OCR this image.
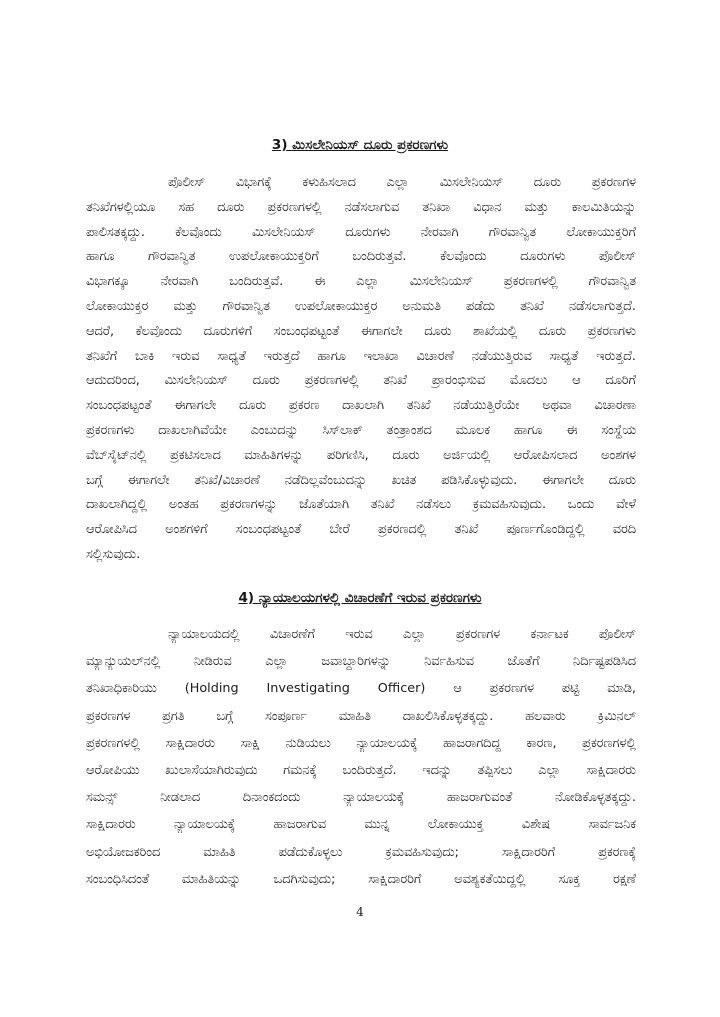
3) ಮಿಸಲೇನಿಯಸ್ ದೂರು ಪ್ರಕರಣಗಳು
ಪೊಲೀಸ್ ವಿಭಾಗಕ್ಕೆ ಕಳುಹಿಸಲಾದ ಎಲ್ಲಾ ಮಿಸಲೇನಿಯಸ್ ದೂರು ಪ್ರಕರಣಗಳ
ತನಿಖೆಗಳಲ್ಲಿಯೂ ಸಹ ದೂರು ಪ್ರಕರಣಗಳಲ್ಲಿ ನಡೆಸಲಾಗುವ ತನಿಖಾ ವಿಧಾನ ಮತ್ತು ಕಾಲಮಿತಿಯನ್ನು
ಪಾಲಿಸತಕ್ಕದ್ದು. ಕೆಲವೊಂದು ಮಿಸಲೇನಿಯಸ್ ದೂರುಗಳು ನೇರವಾಗಿ ಗೌರವಾನ್ವಿತ ಲೋಕಾಯುಕ್ತರಿಗೆ
ಹಾಗೂ ಗೌರವಾನ್ವಿತ ಉಪಲೋಕಾಯುಕ್ತರಿಗೆ ಬಂದಿರುತ್ತವೆ. ಕೆಲವೊಂದು ದೂರುಗಳು ಪೊಲೀಸ್
ವಿಭಾಗಕ್ಕೂ ನೇರವಾಗಿ ಬಂದಿರುತ್ತವೆ. ಈ ಎಲ್ಲಾ ಮಿಸಲೇನಿಯಸ್ ಪ್ರಕರಣಗಳಲ್ಲಿ ಗೌರವಾನ್ವಿತ
ಲೋಕಾಯುಕ್ತರ ಮತ್ತು ಗೌರವಾನ್ವಿತ ಉಪಲೋಕಾಯುಕ್ತರ ಅನುಮತಿ ಪಡೆದು ತನಿಖೆ ನಡೆಸಲಾಗುತ್ತದೆ.
ಆದರೆ, ಕೆಲವೊಂದು ದೂರುಗಳಿಗೆ ಸಂಬಂಧಪಟ್ಟಂತೆ ಈಗಾಗಲೇ ದೂರು ಶಾಖೆಯಲ್ಲಿ ದೂರು ಪ್ರಕರಣಗಳು
ತನಿಖೆಗೆ ಬಾಕಿ ಇರುವ ಸಾಧ್ಯತೆ ಇರುತ್ತದೆ ಹಾಗೂ ಇಲಾಖಾ ವಿಚಾರಣೆ ನಡೆಯುತ್ತಿರುವ ಸಾಧ್ಯತೆ ಇರುತ್ತದೆ.
ಆದುದರಿಂದ, ಮಿಸಲೇನಿಯಸ್ ದೂರು ಪ್ರಕರಣಗಳಲ್ಲಿ ತನಿಖೆ ಪ್ರಾರಂಭಿಸುವ ಮೊದಲು ಆ ದೂರಿಗೆ
ಸಂಬಂಧಪಟ್ಟಂತೆ ಈಗಾಗಲೇ ದೂರು ಪ್ರಕರಣ ದಾಖಲಾಗಿ ತನಿಖೆ ನಡೆಯುತ್ತಿರೆಯೇ ಅಥವಾ ವಿಚಾರಣಾ
ಪ್ರಕರಣಗಳು ದಾಖಲಾಗಿವೆಯೇ ಎಂಬುದನ್ನು ಸಿಸ್‌ಲಾಕ್ ತಂತ್ರಾಂಶದ ಮೂಲಕ ಹಾಗೂ ಈ ಸಂಸ್ಥೆಯ
ವೆಬ್‌ಸೈಟ್‌ನಲ್ಲಿ ಪ್ರಕಟಿಸಲಾದ ಮಾಹಿತಿಗಳನ್ನು ಪರಿಗಣಿಸಿ, ದೂರು ಅರ್ಜಿಯಲ್ಲಿ ಆರೋಪಿಸಲಾದ ಅಂಶಗಳ
ಬಗ್ಗೆ ಈಗಾಗಲೇ ತನಿಖೆ/ವಿಚಾರಣೆ ನಡೆದಿಲ್ಲವೆಂಬುದನ್ನು ಖಚಿತ ಪಡಿಸಿಕೊಳ್ಳುವುದು. ಈಗಾಗಲೇ ದೂರು
ದಾಖಲಾಗಿದ್ದಲ್ಲಿ ಅಂತಹ ಪ್ರಕರಣಗಳನ್ನು ಜೊತೆಯಾಗಿ ತನಿಖೆ ನಡೆಸಲು ಕ್ರಮವಹಿಸುವುದು. ಒಂದು ವೇಳೆ
ಆರೋಪಿಸಿದ ಅಂಶಗಳಿಗೆ ಸಂಬಂಧಪಟ್ಟಂತೆ ಬೇರೆ ಪ್ರಕರಣದಲ್ಲಿ ತನಿಖೆ ಪೂರ್ಣಗೊಂಡಿದ್ದಲ್ಲಿ ವರದಿ
ಸಲ್ಲಿಸುವುದು.
4) ನ್ಯಾಯಾಲಯಗಳಲ್ಲಿ ವಿಚಾರಣೆಗೆ ಇರುವ ಪ್ರಕರಣಗಳು
ನ್ಯಾಯಾಲಯದಲ್ಲಿ ವಿಚಾರಣೆಗೆ ಇರುವ ಎಲ್ಲಾ ಪ್ರಕರಣಗಳ ಕರ್ನಾಟಕ ಪೊಲೀಸ್
ಮ್ಯಾನ್ಯುಯಲ್‌ನಲ್ಲಿ ನೀಡಿರುವ ಎಲ್ಲಾ ಜವಾಬ್ದಾರಿಗಳನ್ನು ನಿರ್ವಹಿಸುವ ಜೊತೆಗೆ ನಿರ್ದಿಷ್ಟಪಡಿಸಿದ
ತನಿಖಾಧಿಕಾರಿಯು (Holding Investigating Officer) ಆ ಪ್ರಕರಣಗಳ ಪಟ್ಟಿ ಮಾಡಿ,
ಪ್ರಕರಣಗಳ ಪ್ರಗತಿ ಬಗ್ಗೆ ಸಂಪೂರ್ಣ ಮಾಹಿತಿ ದಾಖಲಿಸಿಕೊಳ್ಳತಕ್ಕದ್ದು. ಹಲವಾರು ಕ್ರಿಮಿನಲ್
ಪ್ರಕರಣಗಳಲ್ಲಿ ಸಾಕ್ಷಿದಾರರು ಸಾಕ್ಷಿ ನುಡಿಯಲು ನ್ಯಾಯಾಲಯಕ್ಕೆ ಹಾಜರಾಗದಿದ್ದ ಕಾರಣ, ಪ್ರಕರಣಗಳಲ್ಲಿ
ಆರೋಪಿಯು ಖುಲಾಸೆಯಾಗಿರುವುದು ಗಮನಕ್ಕೆ ಬಂದಿರುತ್ತದೆ. ಇದನ್ನು ತಪ್ಪಿಸಲು ಎಲ್ಲಾ ಸಾಕ್ಷಿದಾರರು
ಸಮನ್ಸ್ ನೀಡಲಾದ ದಿನಾಂಕದಂದು ನ್ಯಾಯಾಲಯಕ್ಕೆ ಹಾಜರಾಗುವಂತೆ ನೋಡಿಕೊಳ್ಳತಕ್ಕದ್ದು.
ಸಾಕ್ಷಿದಾರರು ನ್ಯಾಯಾಲಯಕ್ಕೆ ಹಾಜರಾಗುವ ಮುನ್ನ ಲೋಕಾಯುಕ್ತ ವಿಶೇಷ ಸಾರ್ವಜನಿಕ
ಅಭಿಯೋಜಕರಿಂದ ಮಾಹಿತಿ ಪಡೆದುಕೊಳ್ಳಲು ಕ್ರಮವಹಿಸುವುದು; ಸಾಕ್ಷಿದಾರರಿಗೆ ಪ್ರಕರಣಕ್ಕೆ
ಸಂಬಂಧಿಸಿದಂತೆ ಮಾಹಿತಿಯನ್ನು ಒದಗಿಸುವುದು; ಸಾಕ್ಷಿದಾರರಿಗೆ ಅವಶ್ಯಕತೆಯಿದ್ದಲ್ಲಿ ಸೂಕ್ತ ರಕ್ಷಣೆ
4
